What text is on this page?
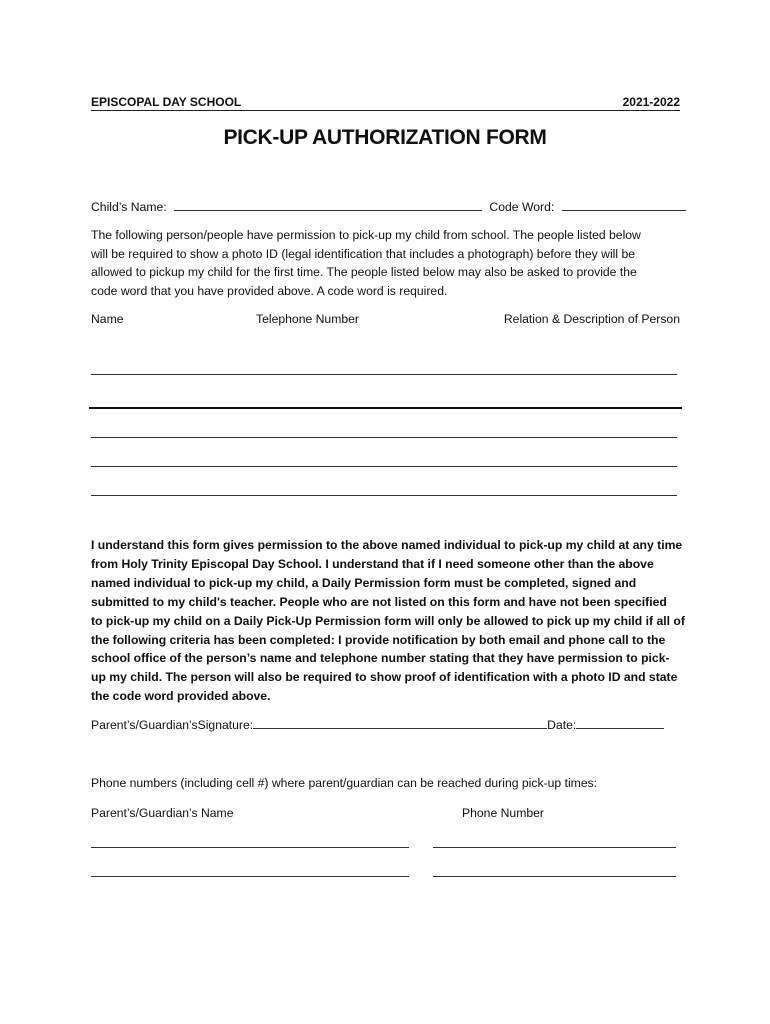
EPISCOPAL DAY SCHOOL	2021-2022
PICK-UP AUTHORIZATION FORM
Child’s Name:	Code Word:
The following person/people have permission to pick-up my child from school. The people listed below
will be required to show a photo ID (legal identification that includes a photograph) before they will be
allowed to pickup my child for the first time. The people listed below may also be asked to provide the
code word that you have provided above. A code word is required.
Name	Telephone Number	Relation & Description of Person
I understand this form gives permission to the above named individual to pick-up my child at any time
from Holy Trinity Episcopal Day School. I understand that if I need someone other than the above
named individual to pick-up my child, a Daily Permission form must be completed, signed and
submitted to my child's teacher. People who are not listed on this form and have not been specified
to pick-up my child on a Daily Pick-Up Permission form will only be allowed to pick up my child if all of
the following criteria has been completed: I provide notification by both email and phone call to the
school office of the person’s name and telephone number stating that they have permission to pick-
up my child. The person will also be required to show proof of identification with a photo ID and state
the code word provided above.
Parent’s/Guardian’sSignature:	Date:
Phone numbers (including cell #) where parent/guardian can be reached during pick-up times:
Parent’s/Guardian’s Name	Phone Number
